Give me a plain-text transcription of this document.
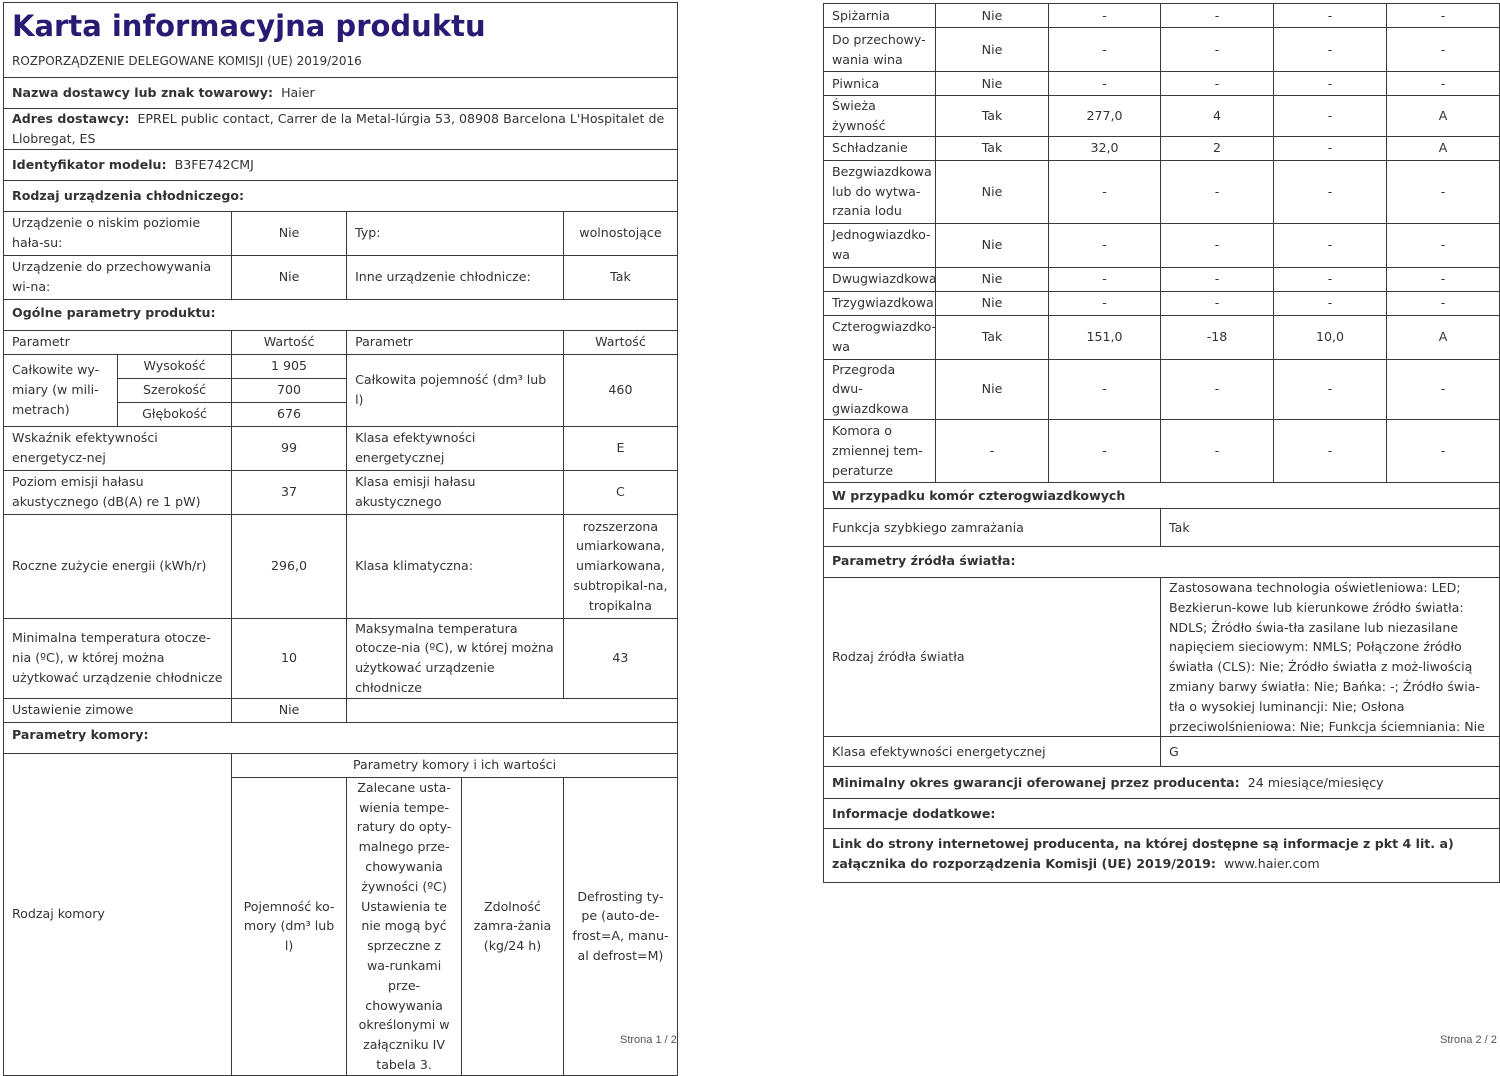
Karta informacyjna produktu					
ROZPORZĄDZENIE DELEGOWANE KOMISJI (UE) 2019/2016					
Nazwa dostawcy lub znak towarowy: Haier					
Adres dostawcy: EPREL public contact, Carrer de la Metal-lúrgia 53, 08908 Barcelona L'Hospitalet de Llobregat, ES					
Identyfikator modelu: B3FE742CMJ					
Rodzaj urządzenia chłodniczego:					
Urządzenie o niskim poziomie hała-su:		Nie	Typ:		wolnostojące
Urządzenie do przechowywania wi-na:		Nie	Inne urządzenie chłodnicze:		Tak
Ogólne parametry produktu:					
Parametr		Wartość	Parametr		Wartość
Całkowite wy-miary (w mili-metrach)	Wysokość	1 905	Całkowita pojemność (dm³ lub l)		460
	Szerokość	700			
	Głębokość	676			
Wskaźnik efektywności energetycz-nej		99	Klasa efektywności energetycznej		E
Poziom emisji hałasu akustycznego (dB(A) re 1 pW)		37	Klasa emisji hałasu akustycznego		C
Roczne zużycie energii (kWh/r)		296,0	Klasa klimatyczna:		rozszerzona umiarkowana, umiarkowana, subtropikal-na, tropikalna
Minimalna temperatura otocze-nia (ºC), w której można użytkować urządzenie chłodnicze		10	Maksymalna temperatura otocze-nia (ºC), w której można użytkować urządzenie chłodnicze		43
Ustawienie zimowe		Nie			
Parametry komory:					
Rodzaj komory		Parametry komory i ich wartości			
		Pojemność ko-mory (dm³ lub l)	Zalecane usta-wienia tempe-ratury do opty-malnego prze-chowywania żywności (ºC) Ustawienia te nie mogą być sprzeczne z wa-runkami prze-chowywania określonymi w załączniku IV tabela 3.	Zdolność zamra-żania (kg/24 h)	Defrosting ty-pe (auto-de-frost=A, manu-al defrost=M)
Strona 1 / 2
Spiżarnia	Nie	-	-	-	-
Do przechowy-wania wina	Nie	-	-	-	-
Piwnica	Nie	-	-	-	-
Świeża żywność	Tak	277,0	4	-	A
Schładzanie	Tak	32,0	2	-	A
Bezgwiazdkowa lub do wytwa-rzania lodu	Nie	-	-	-	-
Jednogwiazdko-wa	Nie	-	-	-	-
Dwugwiazdkowa	Nie	-	-	-	-
Trzygwiazdkowa	Nie	-	-	-	-
Czterogwiazdko-wa	Tak	151,0	-18	10,0	A
Przegroda dwu-gwiazdkowa	Nie	-	-	-	-
Komora o zmiennej tem-peraturze	-	-	-	-	-
W przypadku komór czterogwiazdkowych	
Funkcja szybkiego zamrażania	Tak
Parametry źródła światła:	
Rodzaj źródła światła	Zastosowana technologia oświetleniowa: LED; Bezkierun-kowe lub kierunkowe źródło światła: NDLS; Źródło świa-tła zasilane lub niezasilane napięciem sieciowym: NMLS; Połączone źródło światła (CLS): Nie; Źródło światła z moż-liwością zmiany barwy światła: Nie; Bańka: -; Źródło świa-tła o wysokiej luminancji: Nie; Osłona przeciwolśnieniowa: Nie; Funkcja ściemniania: Nie
Klasa efektywności energetycznej	G
Minimalny okres gwarancji oferowanej przez producenta: 24 miesiące/miesięcy	
Informacje dodatkowe:	
Link do strony internetowej producenta, na której dostępne są informacje z pkt 4 lit. a) załącznika do rozporządzenia Komisji (UE) 2019/2019: www.haier.com	
Strona 2 / 2
